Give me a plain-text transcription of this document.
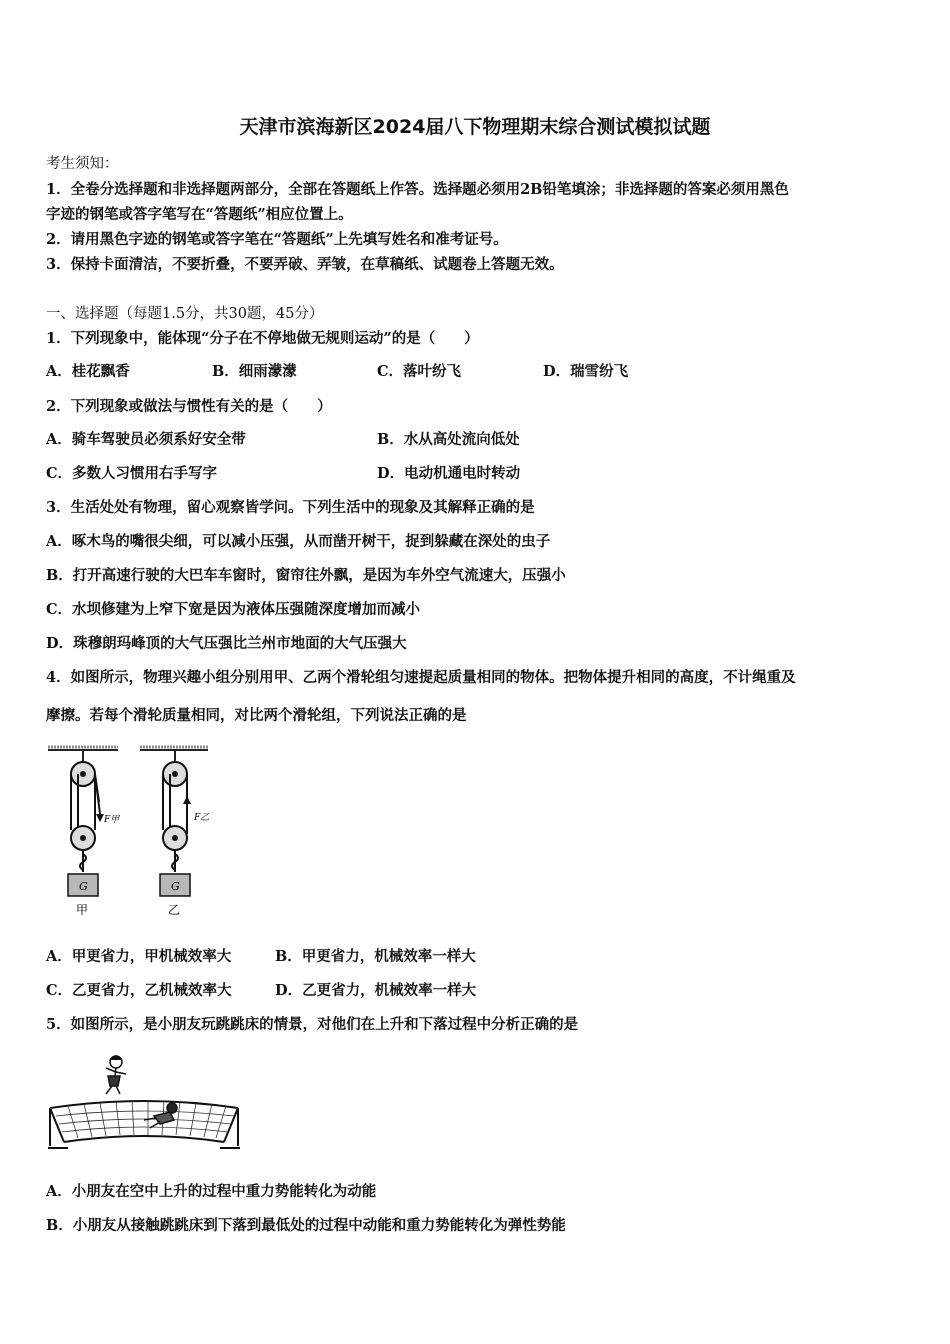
天津市滨海新区2024届八下物理期末综合测试模拟试题
考生须知：
1．全卷分选择题和非选择题两部分，全部在答题纸上作答。选择题必须用2B铅笔填涂；非选择题的答案必须用黑色
字迹的钢笔或答字笔写在“答题纸”相应位置上。
2．请用黑色字迹的钢笔或答字笔在“答题纸”上先填写姓名和准考证号。
3．保持卡面清洁，不要折叠，不要弄破、弄皱，在草稿纸、试题卷上答题无效。
一、选择题（每题1.5分，共30题，45分）
1．下列现象中，能体现“分子在不停地做无规则运动”的是（　　）
A．桂花飘香	B．细雨濛濛	C．落叶纷飞	D．瑞雪纷飞
2．下列现象或做法与惯性有关的是（　　）
A．骑车驾驶员必须系好安全带	B．水从高处流向低处
C．多数人习惯用右手写字	D．电动机通电时转动
3．生活处处有物理，留心观察皆学问。下列生活中的现象及其解释正确的是
A．啄木鸟的嘴很尖细，可以减小压强，从而凿开树干，捉到躲藏在深处的虫子
B．打开高速行驶的大巴车车窗时，窗帘往外飘，是因为车外空气流速大，压强小
C．水坝修建为上窄下宽是因为液体压强随深度增加而减小
D．珠穆朗玛峰顶的大气压强比兰州市地面的大气压强大
4．如图所示，物理兴趣小组分别用甲、乙两个滑轮组匀速提起质量相同的物体。把物体提升相同的高度，不计绳重及
摩擦。若每个滑轮质量相同，对比两个滑轮组，下列说法正确的是
F甲
G
甲
F乙
G
乙
A．甲更省力，甲机械效率大	B．甲更省力，机械效率一样大
C．乙更省力，乙机械效率大	D．乙更省力，机械效率一样大
5．如图所示，是小朋友玩跳跳床的情景，对他们在上升和下落过程中分析正确的是
A．小朋友在空中上升的过程中重力势能转化为动能
B．小朋友从接触跳跳床到下落到最低处的过程中动能和重力势能转化为弹性势能
